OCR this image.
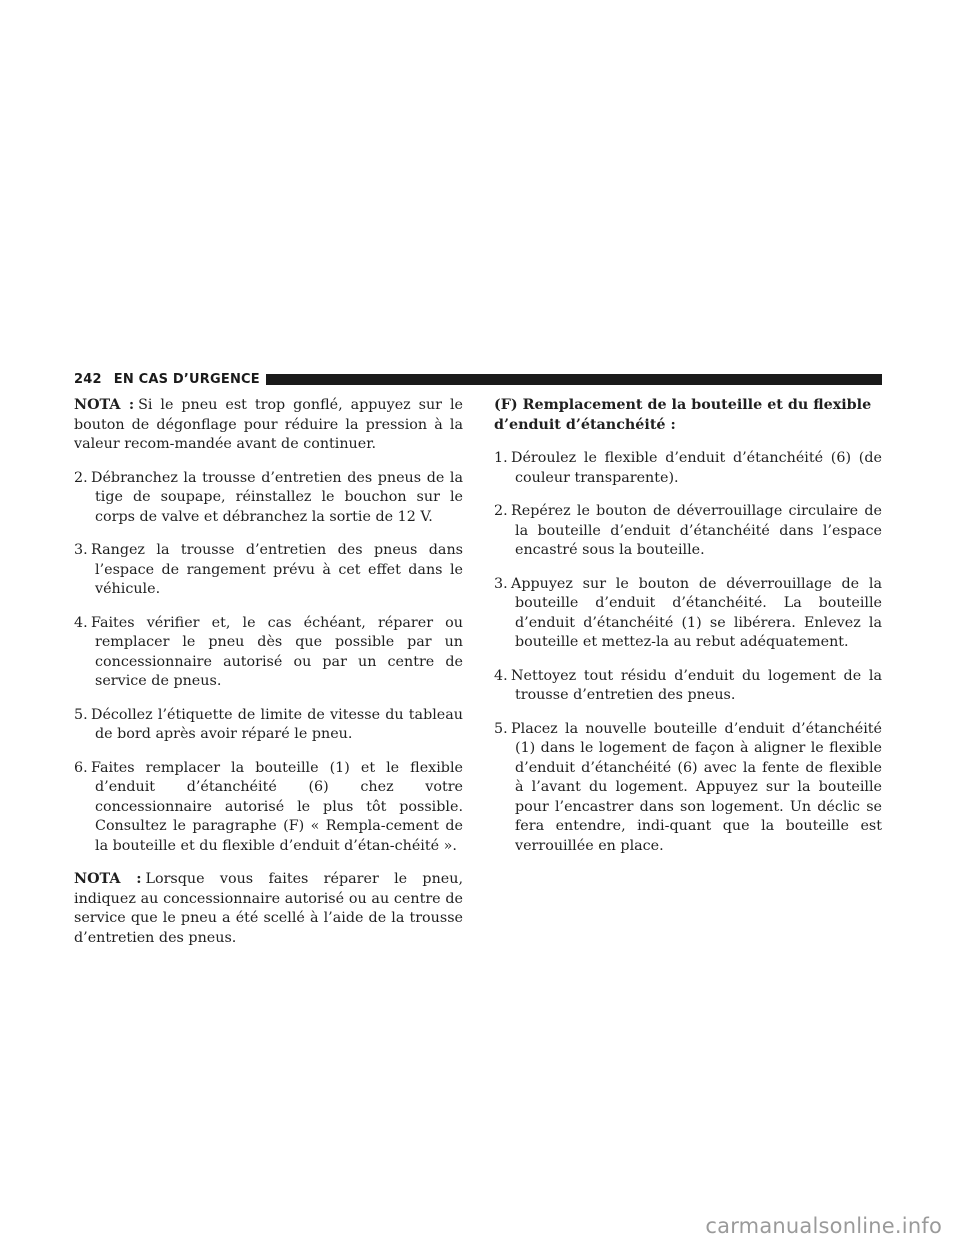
242 EN CAS D’URGENCE

NOTA : Si le pneu est trop gonflé, appuyez sur le bouton de dégonflage pour réduire la pression à la valeur recom-mandée avant de continuer.

2. Débranchez la trousse d’entretien des pneus de la tige de soupape, réinstallez le bouchon sur le corps de valve et débranchez la sortie de 12 V.
3. Rangez la trousse d’entretien des pneus dans l’espace de rangement prévu à cet effet dans le véhicule.
4. Faites vérifier et, le cas échéant, réparer ou remplacer le pneu dès que possible par un concessionnaire autorisé ou par un centre de service de pneus.
5. Décollez l’étiquette de limite de vitesse du tableau de bord après avoir réparé le pneu.
6. Faites remplacer la bouteille (1) et le flexible d’enduit d’étanchéité (6) chez votre concessionnaire autorisé le plus tôt possible. Consultez le paragraphe (F) « Rempla-cement de la bouteille et du flexible d’enduit d’étan-chéité ».

NOTA : Lorsque vous faites réparer le pneu, indiquez au concessionnaire autorisé ou au centre de service que le pneu a été scellé à l’aide de la trousse d’entretien des pneus.

(F) Remplacement de la bouteille et du flexible
d’enduit d’étanchéité :
1. Déroulez le flexible d’enduit d’étanchéité (6) (de couleur transparente).
2. Repérez le bouton de déverrouillage circulaire de la bouteille d’enduit d’étanchéité dans l’espace encastré sous la bouteille.
3. Appuyez sur le bouton de déverrouillage de la bouteille d’enduit d’étanchéité. La bouteille d’enduit d’étanchéité (1) se libérera. Enlevez la bouteille et mettez-la au rebut adéquatement.
4. Nettoyez tout résidu d’enduit du logement de la trousse d’entretien des pneus.
5. Placez la nouvelle bouteille d’enduit d’étanchéité (1) dans le logement de façon à aligner le flexible d’enduit d’étanchéité (6) avec la fente de flexible à l’avant du logement. Appuyez sur la bouteille pour l’encastrer dans son logement. Un déclic se fera entendre, indi-quant que la bouteille est verrouillée en place.
carmanualsonline.info
